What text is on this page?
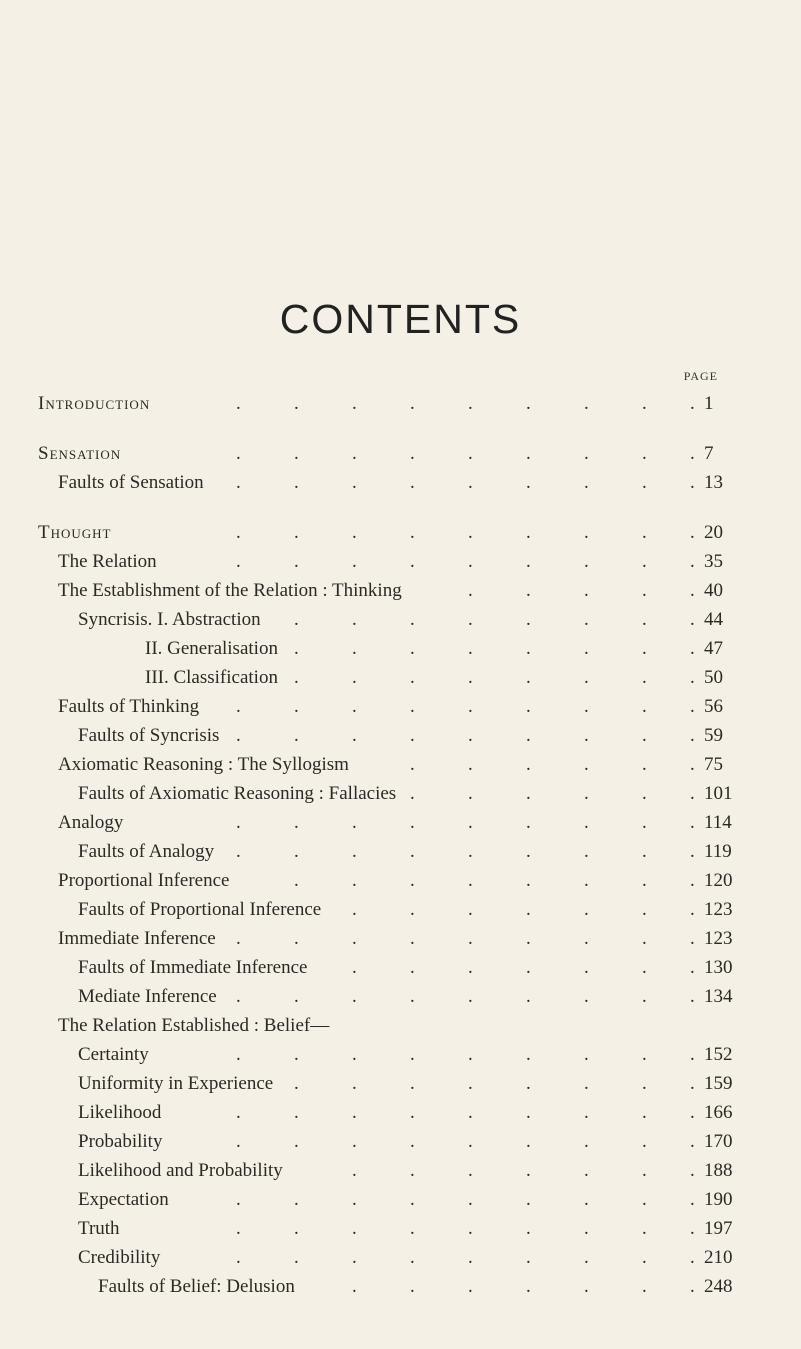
CONTENTS
PAGE
Introduction	.	.	.	.	.	.	.	. . 1
Sensation	.	.	.	.	.	.	.	. . 7
Faults of Sensation .	.	.	.	.	.	.	. . 13
Thought	.	.	.	.	.	.	.	. . 20
The Relation	.	.	.	.	.	.	.	. . 35
The Establishment of the Relation : Thinking	.	.	.	. . 40
Syncrisis. I. Abstraction .	.	.	.	.	.	. . 44
II. Generalisation .	.	.	.	.	.	. . 47
III. Classification .	.	.	.	.	.	. . 50
Faults of Thinking .	.	.	.	.	.	.	. . 56
Faults of Syncrisis .	.	.	.	.	.	.	. . 59
Axiomatic Reasoning : The Syllogism	.	.	.	.	. . 75
Faults of Axiomatic Reasoning : Fallacies .	.	.	.	. . 101
Analogy	.	.	.	.	.	.	.	. . 114
Faults of Analogy .	.	.	.	.	.	.	. . 119
Proportional Inference	.	.	.	.	.	.	. . 120
Faults of Proportional Inference .	.	.	.	.	. . 123
Immediate Inference .	.	.	.	.	.	.	. . 123
Faults of Immediate Inference .	.	.	.	.	. . 130
Mediate Inference .	.	.	.	.	.	.	. . 134
The Relation Established : Belief—
Certainty	.	.	.	.	.	.	.	. . 152
Uniformity in Experience .	.	.	.	.	.	. . 159
Likelihood	.	.	.	.	.	.	.	. . 166
Probability	.	.	.	.	.	.	.	. . 170
Likelihood and Probability	.	.	.	.	.	. . 188
Expectation	.	.	.	.	.	.	.	. . 190
Truth	.	.	.	.	.	.	.	. . 197
Credibility	.	.	.	.	.	.	.	. . 210
Faults of Belief: Delusion	.	.	.	.	.	. . 248
